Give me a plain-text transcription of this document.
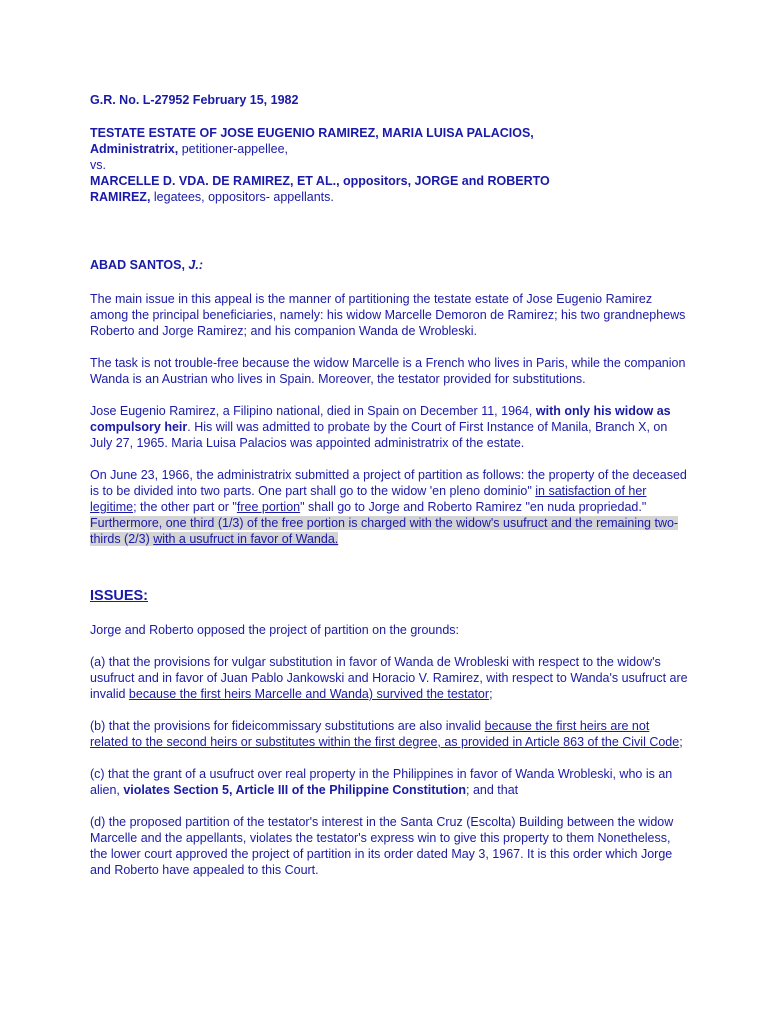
G.R. No. L-27952 February 15, 1982

TESTATE ESTATE OF JOSE EUGENIO RAMIREZ, MARIA LUISA PALACIOS,
Administratrix, petitioner-appellee,
vs.
MARCELLE D. VDA. DE RAMIREZ, ET AL., oppositors, JORGE and ROBERTO
RAMIREZ, legatees, oppositors- appellants.

ABAD SANTOS, J.:

The main issue in this appeal is the manner of partitioning the testate estate of Jose Eugenio Ramirez among the principal beneficiaries, namely: his widow Marcelle Demoron de Ramirez; his two grandnephews Roberto and Jorge Ramirez; and his companion Wanda de Wrobleski.

The task is not trouble-free because the widow Marcelle is a French who lives in Paris, while the companion Wanda is an Austrian who lives in Spain. Moreover, the testator provided for substitutions.

Jose Eugenio Ramirez, a Filipino national, died in Spain on December 11, 1964, with only his widow as compulsory heir. His will was admitted to probate by the Court of First Instance of Manila, Branch X, on July 27, 1965. Maria Luisa Palacios was appointed administratrix of the estate.

On June 23, 1966, the administratrix submitted a project of partition as follows: the property of the deceased is to be divided into two parts. One part shall go to the widow 'en pleno dominio" in satisfaction of her legitime; the other part or "free portion" shall go to Jorge and Roberto Ramirez "en nuda propriedad." Furthermore, one third (1/3) of the free portion is charged with the widow's usufruct and the remaining two-thirds (2/3) with a usufruct in favor of Wanda.

ISSUES:

Jorge and Roberto opposed the project of partition on the grounds:

(a) that the provisions for vulgar substitution in favor of Wanda de Wrobleski with respect to the widow's usufruct and in favor of Juan Pablo Jankowski and Horacio V. Ramirez, with respect to Wanda's usufruct are invalid because the first heirs Marcelle and Wanda) survived the testator;

(b) that the provisions for fideicommissary substitutions are also invalid because the first heirs are not related to the second heirs or substitutes within the first degree, as provided in Article 863 of the Civil Code;

(c) that the grant of a usufruct over real property in the Philippines in favor of Wanda Wrobleski, who is an alien, violates Section 5, Article III of the Philippine Constitution; and that

(d) the proposed partition of the testator's interest in the Santa Cruz (Escolta) Building between the widow Marcelle and the appellants, violates the testator's express win to give this property to them Nonetheless, the lower court approved the project of partition in its order dated May 3, 1967. It is this order which Jorge and Roberto have appealed to this Court.
